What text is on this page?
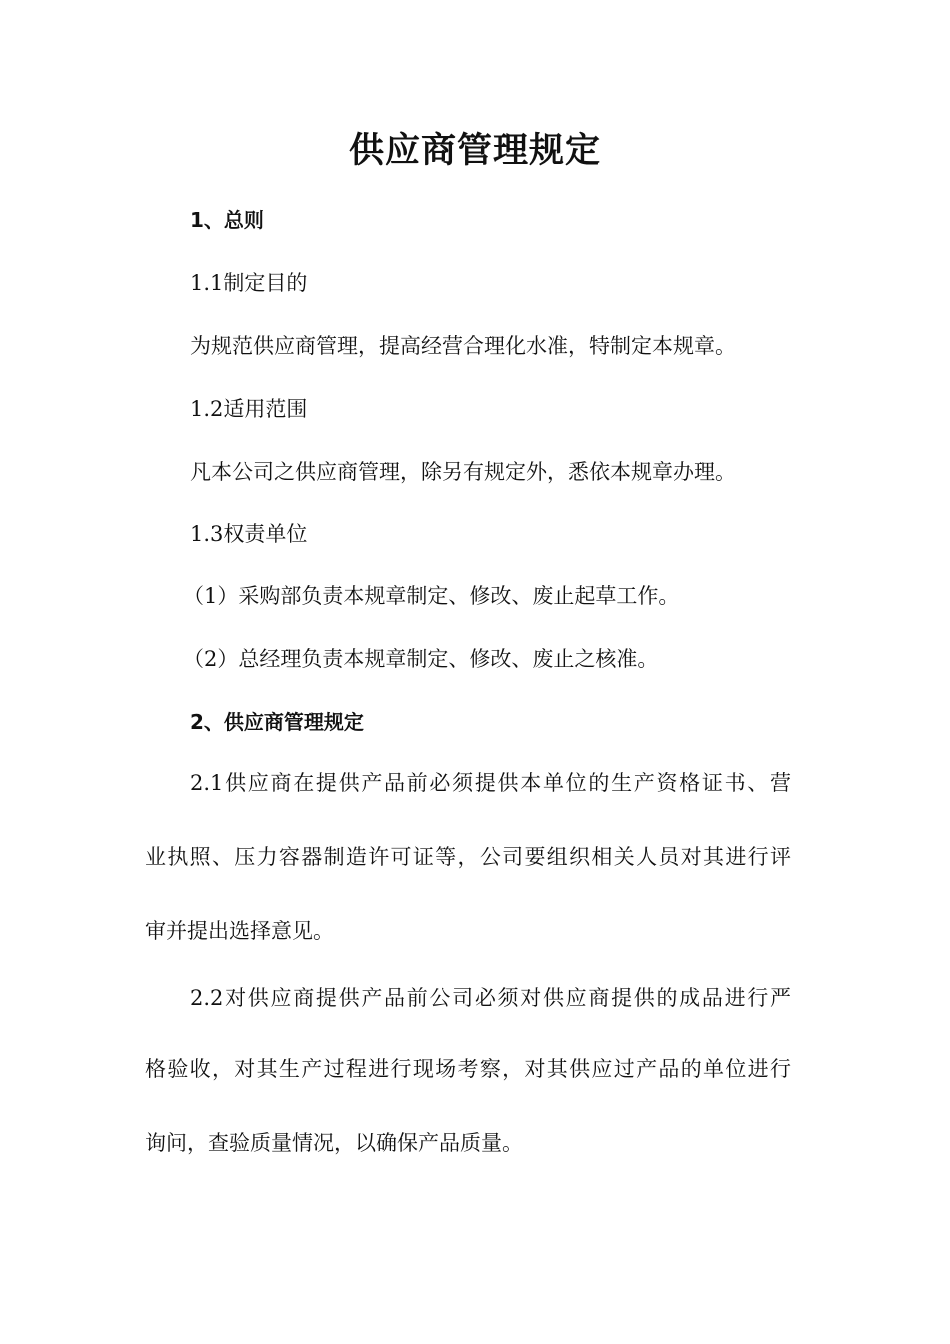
供应商管理规定
1、总则
1.1制定目的
为规范供应商管理，提高经营合理化水准，特制定本规章。
1.2适用范围
凡本公司之供应商管理，除另有规定外，悉依本规章办理。
1.3权责单位
（1）采购部负责本规章制定、修改、废止起草工作。
（2）总经理负责本规章制定、修改、废止之核准。
2、供应商管理规定
2.1供应商在提供产品前必须提供本单位的生产资格证书、营
业执照、压力容器制造许可证等，公司要组织相关人员对其进行评
审并提出选择意见。
2.2对供应商提供产品前公司必须对供应商提供的成品进行严
格验收，对其生产过程进行现场考察，对其供应过产品的单位进行
询问，查验质量情况，以确保产品质量。
